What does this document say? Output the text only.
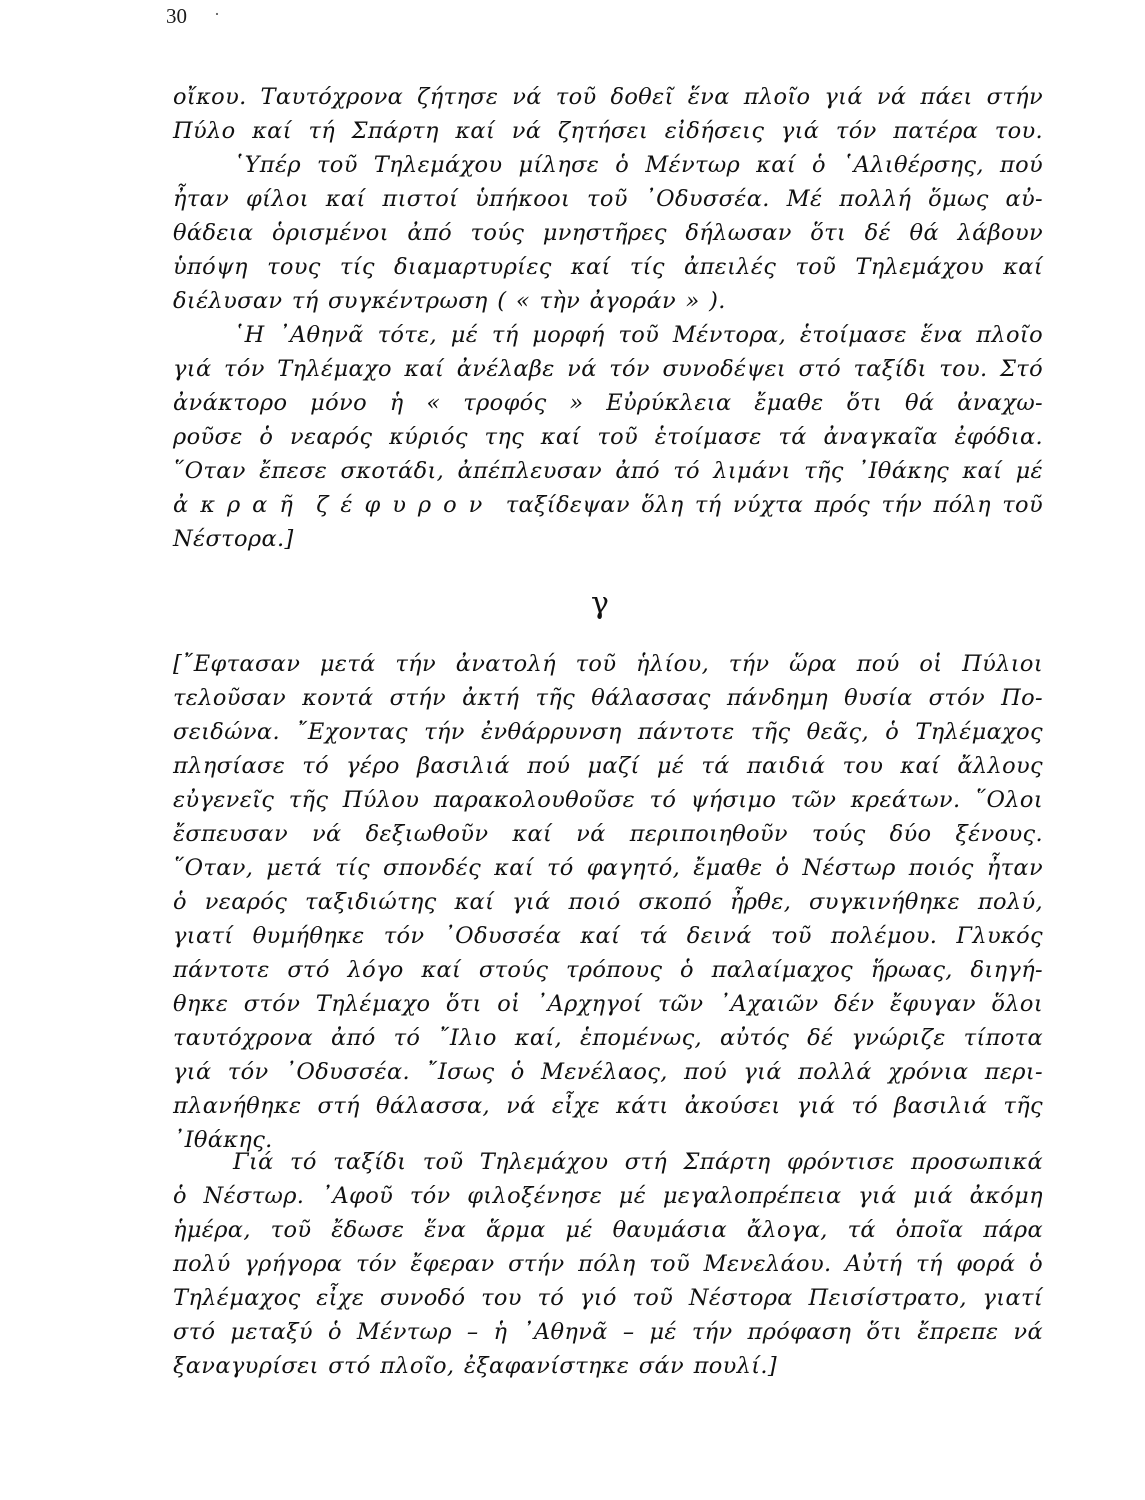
30 ·
οἴκου. Ταυτόχρονα ζήτησε νά τοῦ δοθεῖ ἕνα πλοῖο γιά νά πάει στήν
Πύλο καί τή Σπάρτη καί νά ζητήσει εἰδήσεις γιά τόν πατέρα του.
῾Υπέρ τοῦ Τηλεμάχου μίλησε ὁ Μέντωρ καί ὁ ῾Αλιθέρσης, πού
ἦταν φίλοι καί πιστοί ὑπήκοοι τοῦ ᾿Οδυσσέα. Μέ πολλή ὅμως αὐ-
θάδεια ὁρισμένοι ἀπό τούς μνηστῆρες δήλωσαν ὅτι δέ θά λάβουν
ὑπόψη τους τίς διαμαρτυρίες καί τίς ἀπειλές τοῦ Τηλεμάχου καί
διέλυσαν τή συγκέντρωση ( « τὴν ἀγοράν » ).
῾Η ᾿Αθηνᾶ τότε, μέ τή μορφή τοῦ Μέντορα, ἑτοίμασε ἕνα πλοῖο
γιά τόν Τηλέμαχο καί ἀνέλαβε νά τόν συνοδέψει στό ταξίδι του. Στό
ἀνάκτορο μόνο ἡ « τροφός » Εὐρύκλεια ἔμαθε ὅτι θά ἀναχω-
ροῦσε ὁ νεαρός κύριός της καί τοῦ ἑτοίμασε τά ἀναγκαῖα ἐφόδια.
῞Οταν ἔπεσε σκοτάδι, ἀπέπλευσαν ἀπό τό λιμάνι τῆς ᾿Ιθάκης καί μέ
ἀκραῆ ζέφυρον ταξίδεψαν ὅλη τή νύχτα πρός τήν πόλη τοῦ
Νέστορα.]
γ
[῎Εφτασαν μετά τήν ἀνατολή τοῦ ἡλίου, τήν ὥρα πού οἱ Πύλιοι
τελοῦσαν κοντά στήν ἀκτή τῆς θάλασσας πάνδημη θυσία στόν Πο-
σειδώνα. ῎Εχοντας τήν ἐνθάρρυνση πάντοτε τῆς θεᾶς, ὁ Τηλέμαχος
πλησίασε τό γέρο βασιλιά πού μαζί μέ τά παιδιά του καί ἄλλους
εὐγενεῖς τῆς Πύλου παρακολουθοῦσε τό ψήσιμο τῶν κρεάτων. ῞Ολοι
ἔσπευσαν νά δεξιωθοῦν καί νά περιποιηθοῦν τούς δύο ξένους.
῞Οταν, μετά τίς σπονδές καί τό φαγητό, ἔμαθε ὁ Νέστωρ ποιός ἦταν
ὁ νεαρός ταξιδιώτης καί γιά ποιό σκοπό ἦρθε, συγκινήθηκε πολύ,
γιατί θυμήθηκε τόν ᾿Οδυσσέα καί τά δεινά τοῦ πολέμου. Γλυκός
πάντοτε στό λόγο καί στούς τρόπους ὁ παλαίμαχος ἥρωας, διηγή-
θηκε στόν Τηλέμαχο ὅτι οἱ ᾿Αρχηγοί τῶν ᾿Αχαιῶν δέν ἔφυγαν ὅλοι
ταυτόχρονα ἀπό τό ῎Ιλιο καί, ἑπομένως, αὐτός δέ γνώριζε τίποτα
γιά τόν ᾿Οδυσσέα. ῎Ισως ὁ Μενέλαος, πού γιά πολλά χρόνια περι-
πλανήθηκε στή θάλασσα, νά εἶχε κάτι ἀκούσει γιά τό βασιλιά τῆς
᾿Ιθάκης.
Γιά τό ταξίδι τοῦ Τηλεμάχου στή Σπάρτη φρόντισε προσωπικά
ὁ Νέστωρ. ᾿Αφοῦ τόν φιλοξένησε μέ μεγαλοπρέπεια γιά μιά ἀκόμη
ἡμέρα, τοῦ ἔδωσε ἕνα ἅρμα μέ θαυμάσια ἄλογα, τά ὁποῖα πάρα
πολύ γρήγορα τόν ἔφεραν στήν πόλη τοῦ Μενελάου. Αὐτή τή φορά ὁ
Τηλέμαχος εἶχε συνοδό του τό γιό τοῦ Νέστορα Πεισίστρατο, γιατί
στό μεταξύ ὁ Μέντωρ – ἡ ᾿Αθηνᾶ – μέ τήν πρόφαση ὅτι ἔπρεπε νά
ξαναγυρίσει στό πλοῖο, ἐξαφανίστηκε σάν πουλί.]
